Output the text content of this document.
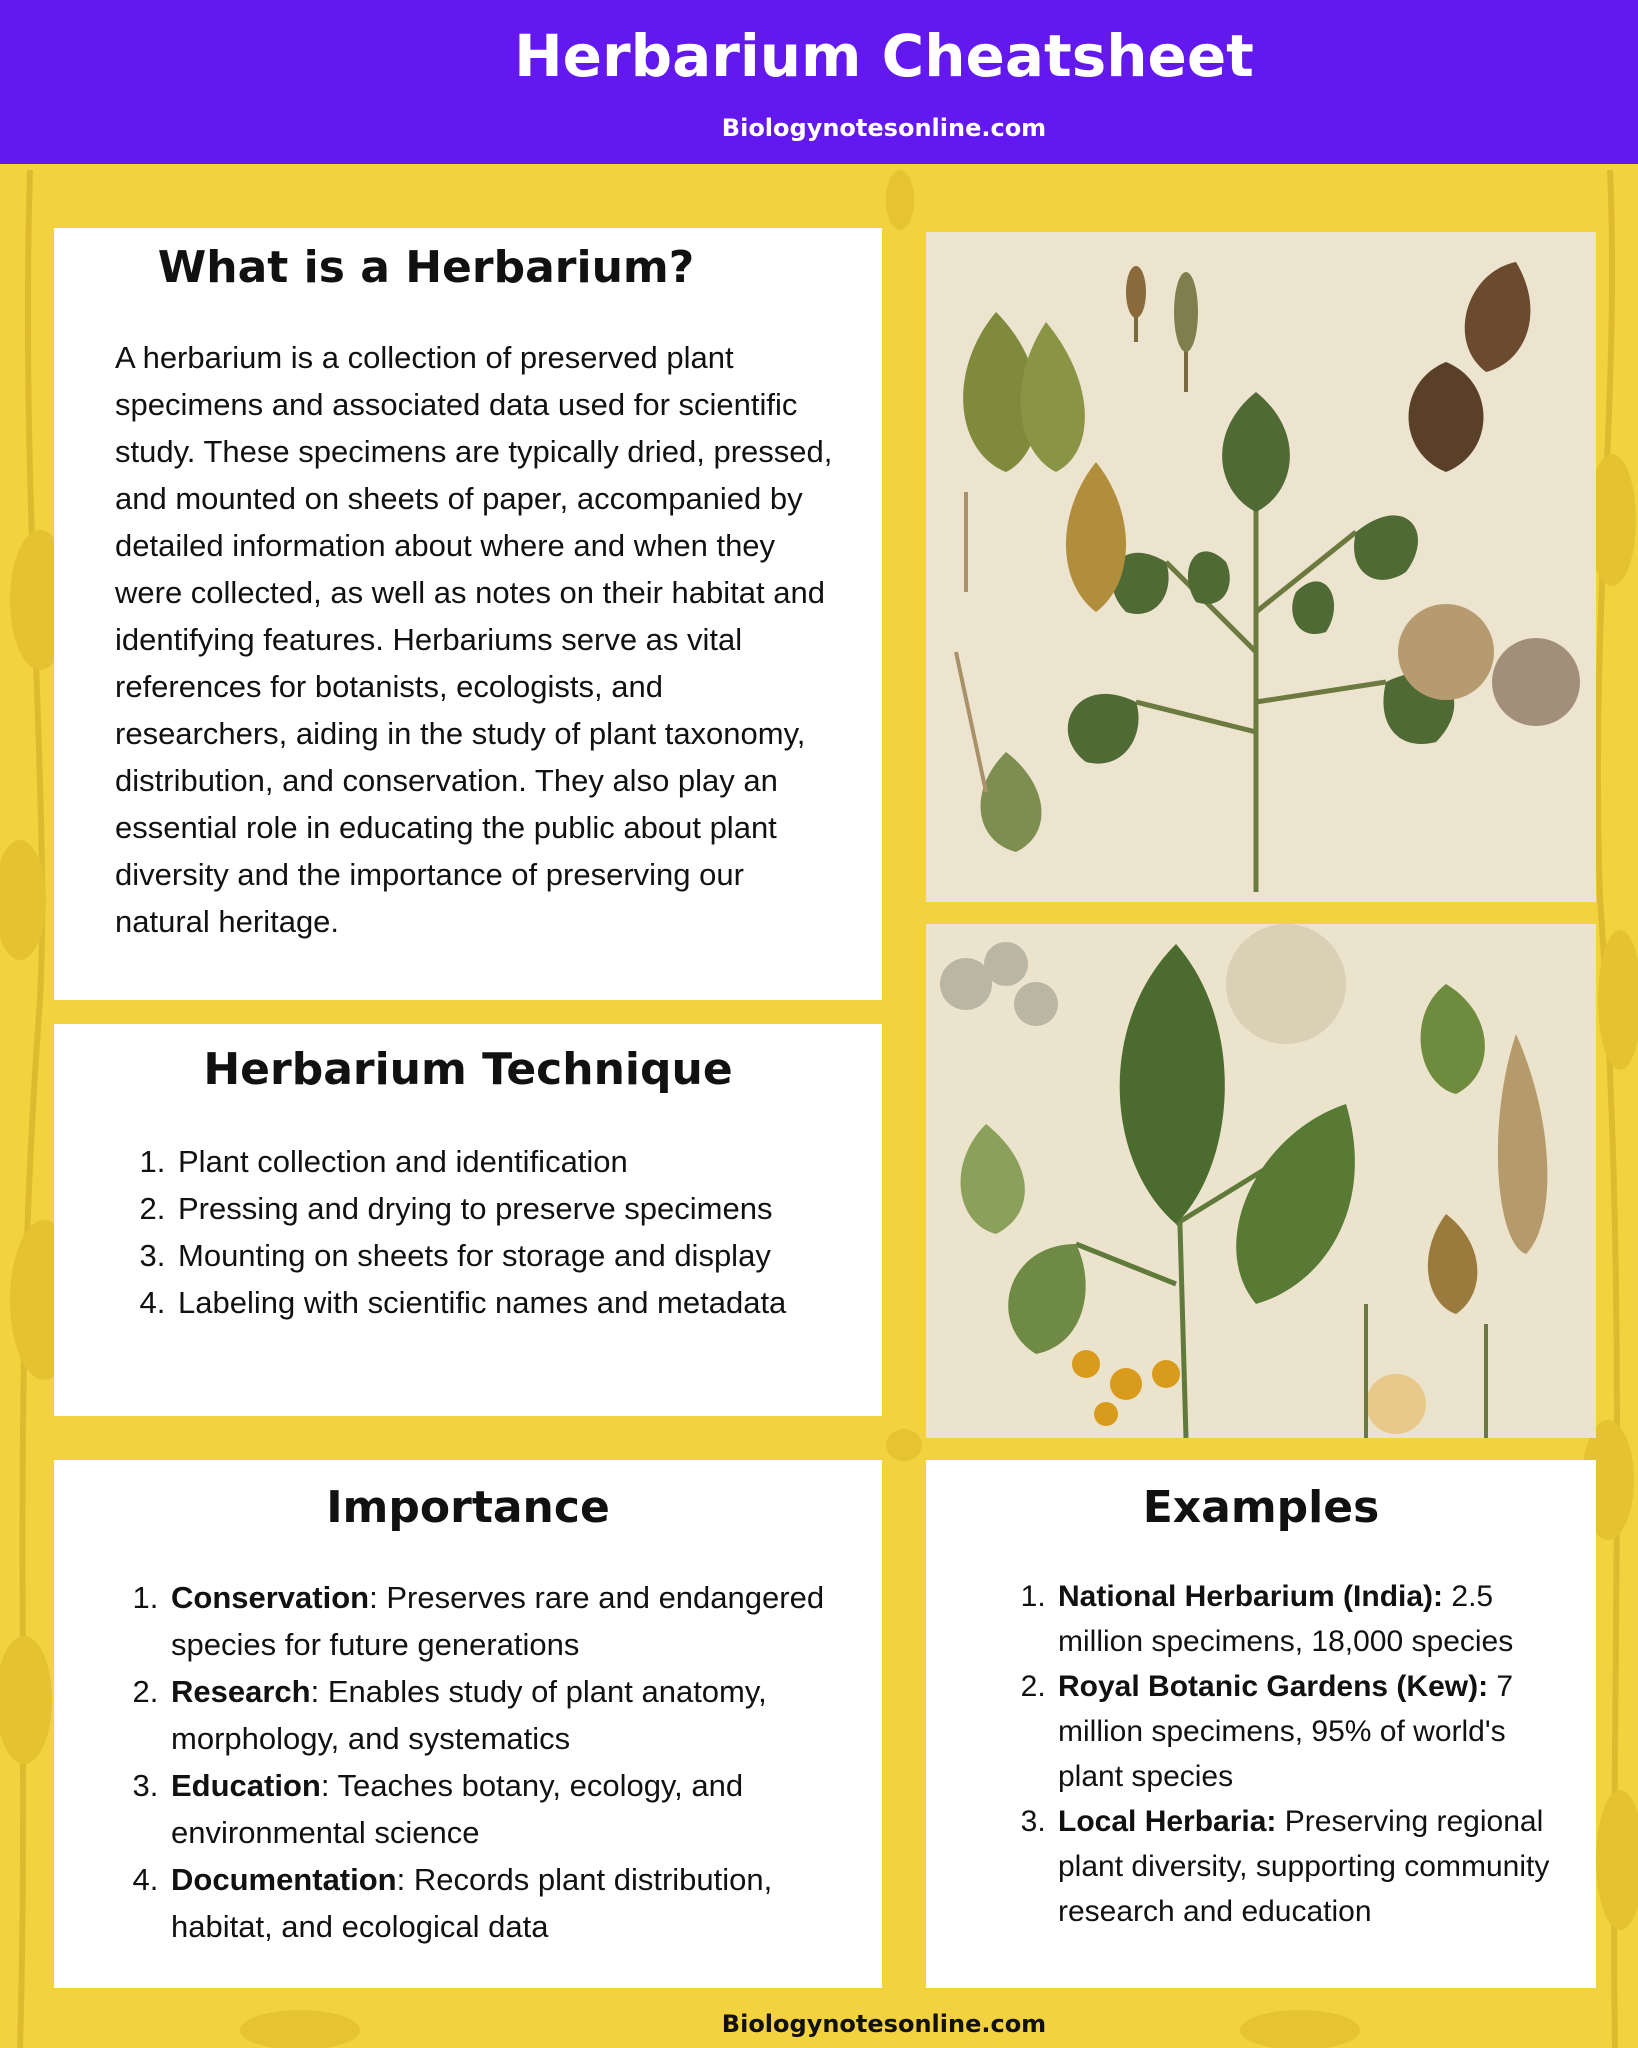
Herbarium Cheatsheet
Biologynotesonline.com
What is a Herbarium?

A herbarium is a collection of preserved plant specimens and associated data used for scientific study. These specimens are typically dried, pressed, and mounted on sheets of paper, accompanied by detailed information about where and when they were collected, as well as notes on their habitat and identifying features. Herbariums serve as vital references for botanists, ecologists, and researchers, aiding in the study of plant taxonomy, distribution, and conservation. They also play an essential role in educating the public about plant diversity and the importance of preserving our natural heritage.

Herbarium Technique
1. Plant collection and identification
2. Pressing and drying to preserve specimens
3. Mounting on sheets for storage and display
4. Labeling with scientific names and metadata
Importance
1. Conservation: Preserves rare and endangered species for future generations
2. Research: Enables study of plant anatomy, morphology, and systematics
3. Education: Teaches botany, ecology, and environmental science
4. Documentation: Records plant distribution, habitat, and ecological data
Examples
1. National Herbarium (India): 2.5 million specimens, 18,000 species
2. Royal Botanic Gardens (Kew): 7 million specimens, 95% of world's plant species
3. Local Herbaria: Preserving regional plant diversity, supporting community research and education
Biologynotesonline.com
